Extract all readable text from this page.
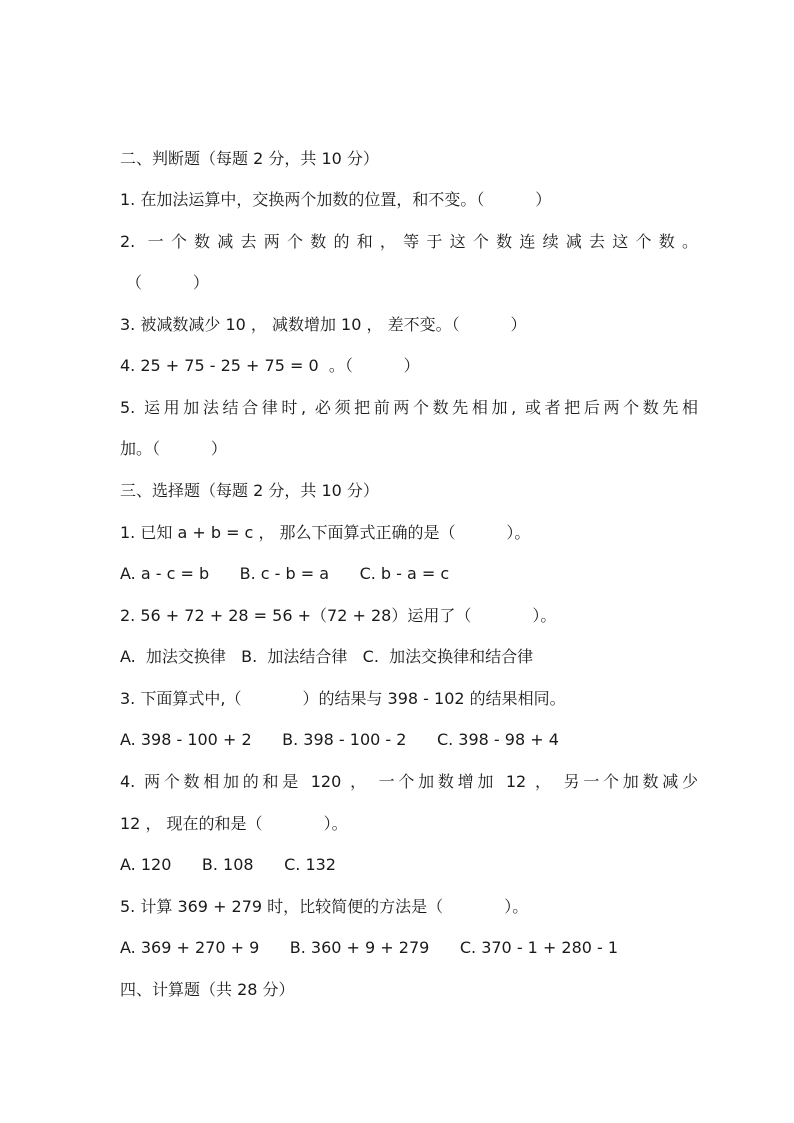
二、判断题（每题 2 分，共 10 分）
1. 在加法运算中，交换两个加数的位置，和不变。（          ）
2. 一个数减去两个数的和，等于这个数连续减去这个数。
（          ）
3. 被减数减少 10 ， 减数增加 10 ， 差不变。（          ）
4. 25 + 75 - 25 + 75 = 0  。（          ）
5. 运用加法结合律时, 必须把前两个数先相加, 或者把后两个数先相
加。（          ）
三、选择题（每题 2 分，共 10 分）
1. 已知 a + b = c ， 那么下面算式正确的是（          ）。
A. a - c = b      B. c - b = a      C. b - a = c
2. 56 + 72 + 28 = 56 +（72 + 28）运用了（            ）。
A.  加法交换律   B.  加法结合律   C.  加法交换律和结合律
3. 下面算式中,（            ）的结果与 398 - 102 的结果相同。
A. 398 - 100 + 2      B. 398 - 100 - 2      C. 398 - 98 + 4
4. 两个数相加的和是 120 ， 一个加数增加 12 ， 另一个加数减少
12 ， 现在的和是（            ）。
A. 120      B. 108      C. 132
5. 计算 369 + 279 时，比较简便的方法是（            ）。
A. 369 + 270 + 9      B. 360 + 9 + 279      C. 370 - 1 + 280 - 1
四、计算题（共 28 分）
